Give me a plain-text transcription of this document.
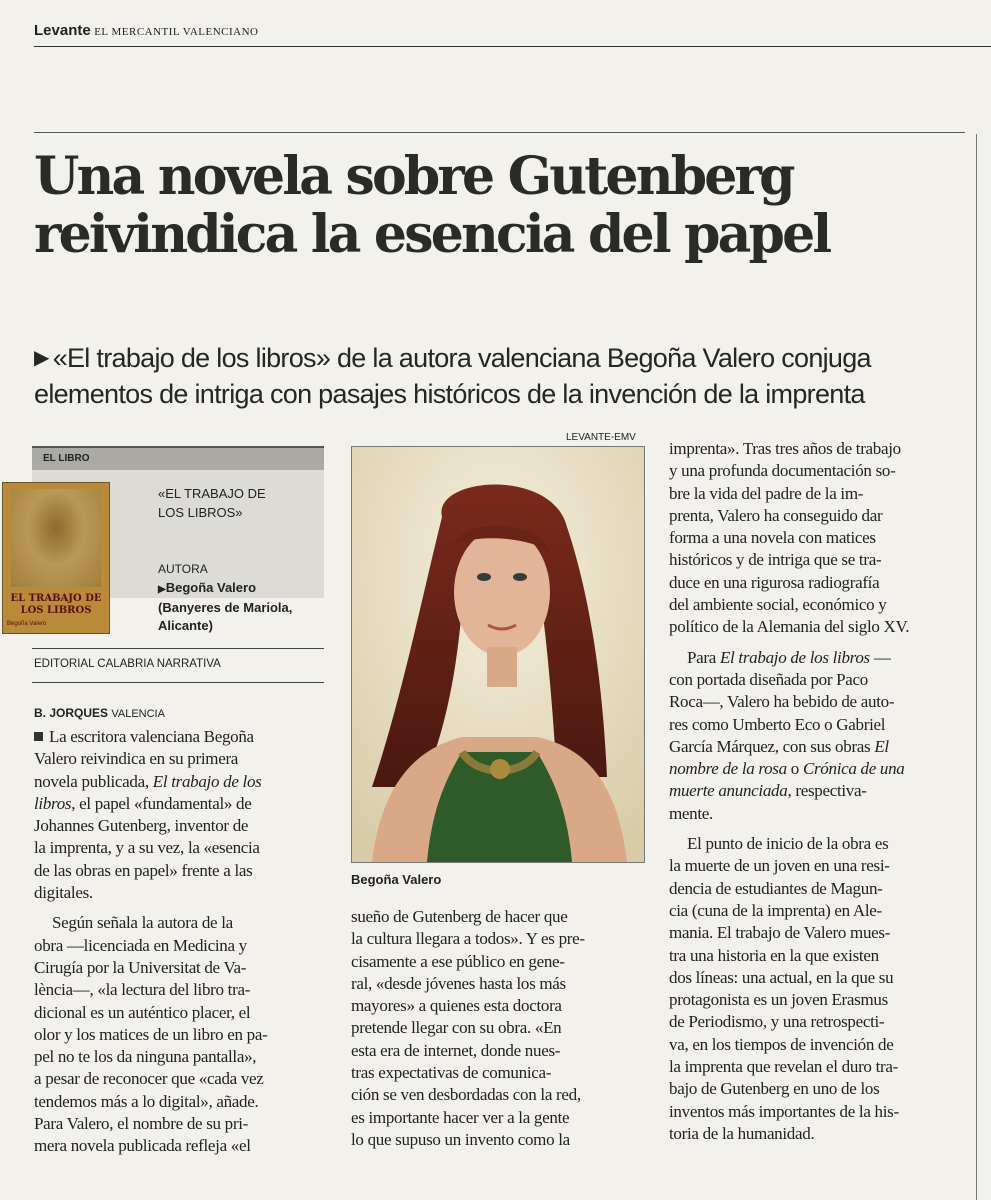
Levante EL MERCANTIL VALENCIANO
Una novela sobre Gutenberg
reivindica la esencia del papel
▶ «El trabajo de los libros» de la autora valenciana Begoña Valero conjuga
elementos de intriga con pasajes históricos de la invención de la imprenta
EL LIBRO
EL TRABAJO DE LOS LIBROS
Begoña Valero
«EL TRABAJO DE
LOS LIBROS»
AUTORA
▶Begoña Valero
(Banyeres de Mariola,
Alicante)
EDITORIAL CALABRIA NARRATIVA
B. JORQUES VALENCIA
La escritora valenciana Begoña
Valero reivindica en su primera
novela publicada, El trabajo de los
libros, el papel «fundamental» de
Johannes Gutenberg, inventor de
la imprenta, y a su vez, la «esencia
de las obras en papel» frente a las
digitales.
Según señala la autora de la
obra —licenciada en Medicina y
Cirugía por la Universitat de Va-
lència—, «la lectura del libro tra-
dicional es un auténtico placer, el
olor y los matices de un libro en pa-
pel no te los da ninguna pantalla»,
a pesar de reconocer que «cada vez
tendemos más a lo digital», añade.
Para Valero, el nombre de su pri-
mera novela publicada refleja «el
LEVANTE-EMV
Begoña Valero
sueño de Gutenberg de hacer que
la cultura llegara a todos». Y es pre-
cisamente a ese público en gene-
ral, «desde jóvenes hasta los más
mayores» a quienes esta doctora
pretende llegar con su obra. «En
esta era de internet, donde nues-
tras expectativas de comunica-
ción se ven desbordadas con la red,
es importante hacer ver a la gente
lo que supuso un invento como la
imprenta». Tras tres años de trabajo
y una profunda documentación so-
bre la vida del padre de la im-
prenta, Valero ha conseguido dar
forma a una novela con matices
históricos y de intriga que se tra-
duce en una rigurosa radiografía
del ambiente social, económico y
político de la Alemania del siglo XV.
Para El trabajo de los libros —
con portada diseñada por Paco
Roca—, Valero ha bebido de auto-
res como Umberto Eco o Gabriel
García Márquez, con sus obras El
nombre de la rosa o Crónica de una
muerte anunciada, respectiva-
mente.
El punto de inicio de la obra es
la muerte de un joven en una resi-
dencia de estudiantes de Magun-
cia (cuna de la imprenta) en Ale-
mania. El trabajo de Valero mues-
tra una historia en la que existen
dos líneas: una actual, en la que su
protagonista es un joven Erasmus
de Periodismo, y una retrospecti-
va, en los tiempos de invención de
la imprenta que revelan el duro tra-
bajo de Gutenberg en uno de los
inventos más importantes de la his-
toria de la humanidad.
